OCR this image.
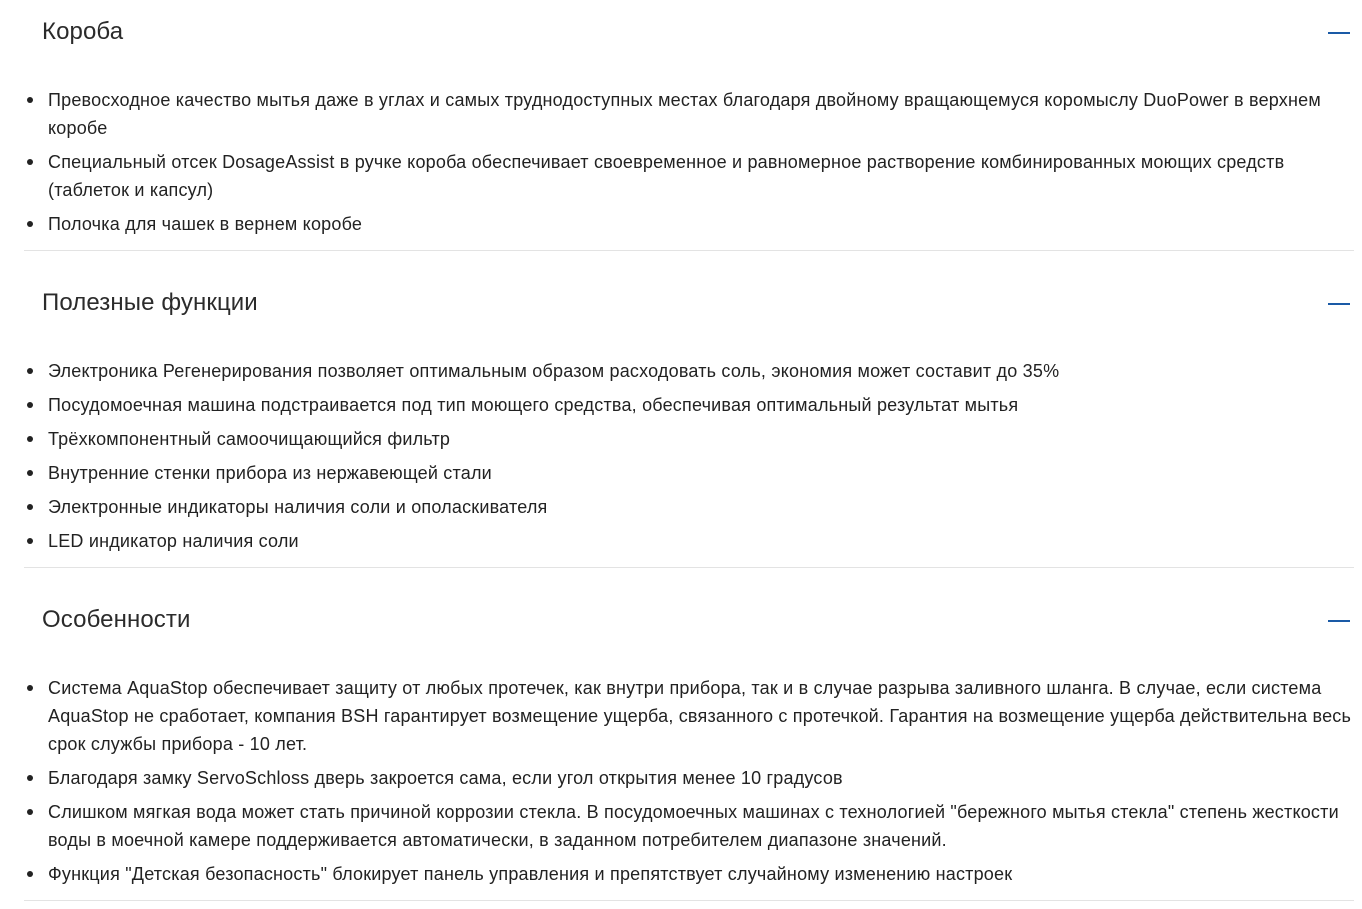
Короба
Превосходное качество мытья даже в углах и самых труднодоступных местах благодаря двойному вращающемуся коромыслу DuoPower в верхнем коробе
Специальный отсек DosageAssist в ручке короба обеспечивает своевременное и равномерное растворение комбинированных моющих средств (таблеток и капсул)
Полочка для чашек в вернем коробе
Полезные функции
Электроника Регенерирования позволяет оптимальным образом расходовать соль, экономия может составит до 35%
Посудомоечная машина подстраивается под тип моющего средства, обеспечивая оптимальный результат мытья
Трёхкомпонентный самоочищающийся фильтр
Внутренние стенки прибора из нержавеющей стали
Электронные индикаторы наличия соли и ополаскивателя
LED индикатор наличия соли
Особенности
Система AquaStop обеспечивает защиту от любых протечек, как внутри прибора, так и в случае разрыва заливного шланга. В случае, если система AquaStop не сработает, компания BSH гарантирует возмещение ущерба, связанного с протечкой. Гарантия на возмещение ущерба действительна весь срок службы прибора - 10 лет.
Благодаря замку ServoSchloss дверь закроется сама, если угол открытия менее 10 градусов
Слишком мягкая вода может стать причиной коррозии стекла. В посудомоечных машинах с технологией "бережного мытья стекла" степень жесткости воды в моечной камере поддерживается автоматически, в заданном потребителем диапазоне значений.
Функция "Детская безопасность" блокирует панель управления и препятствует случайному изменению настроек
